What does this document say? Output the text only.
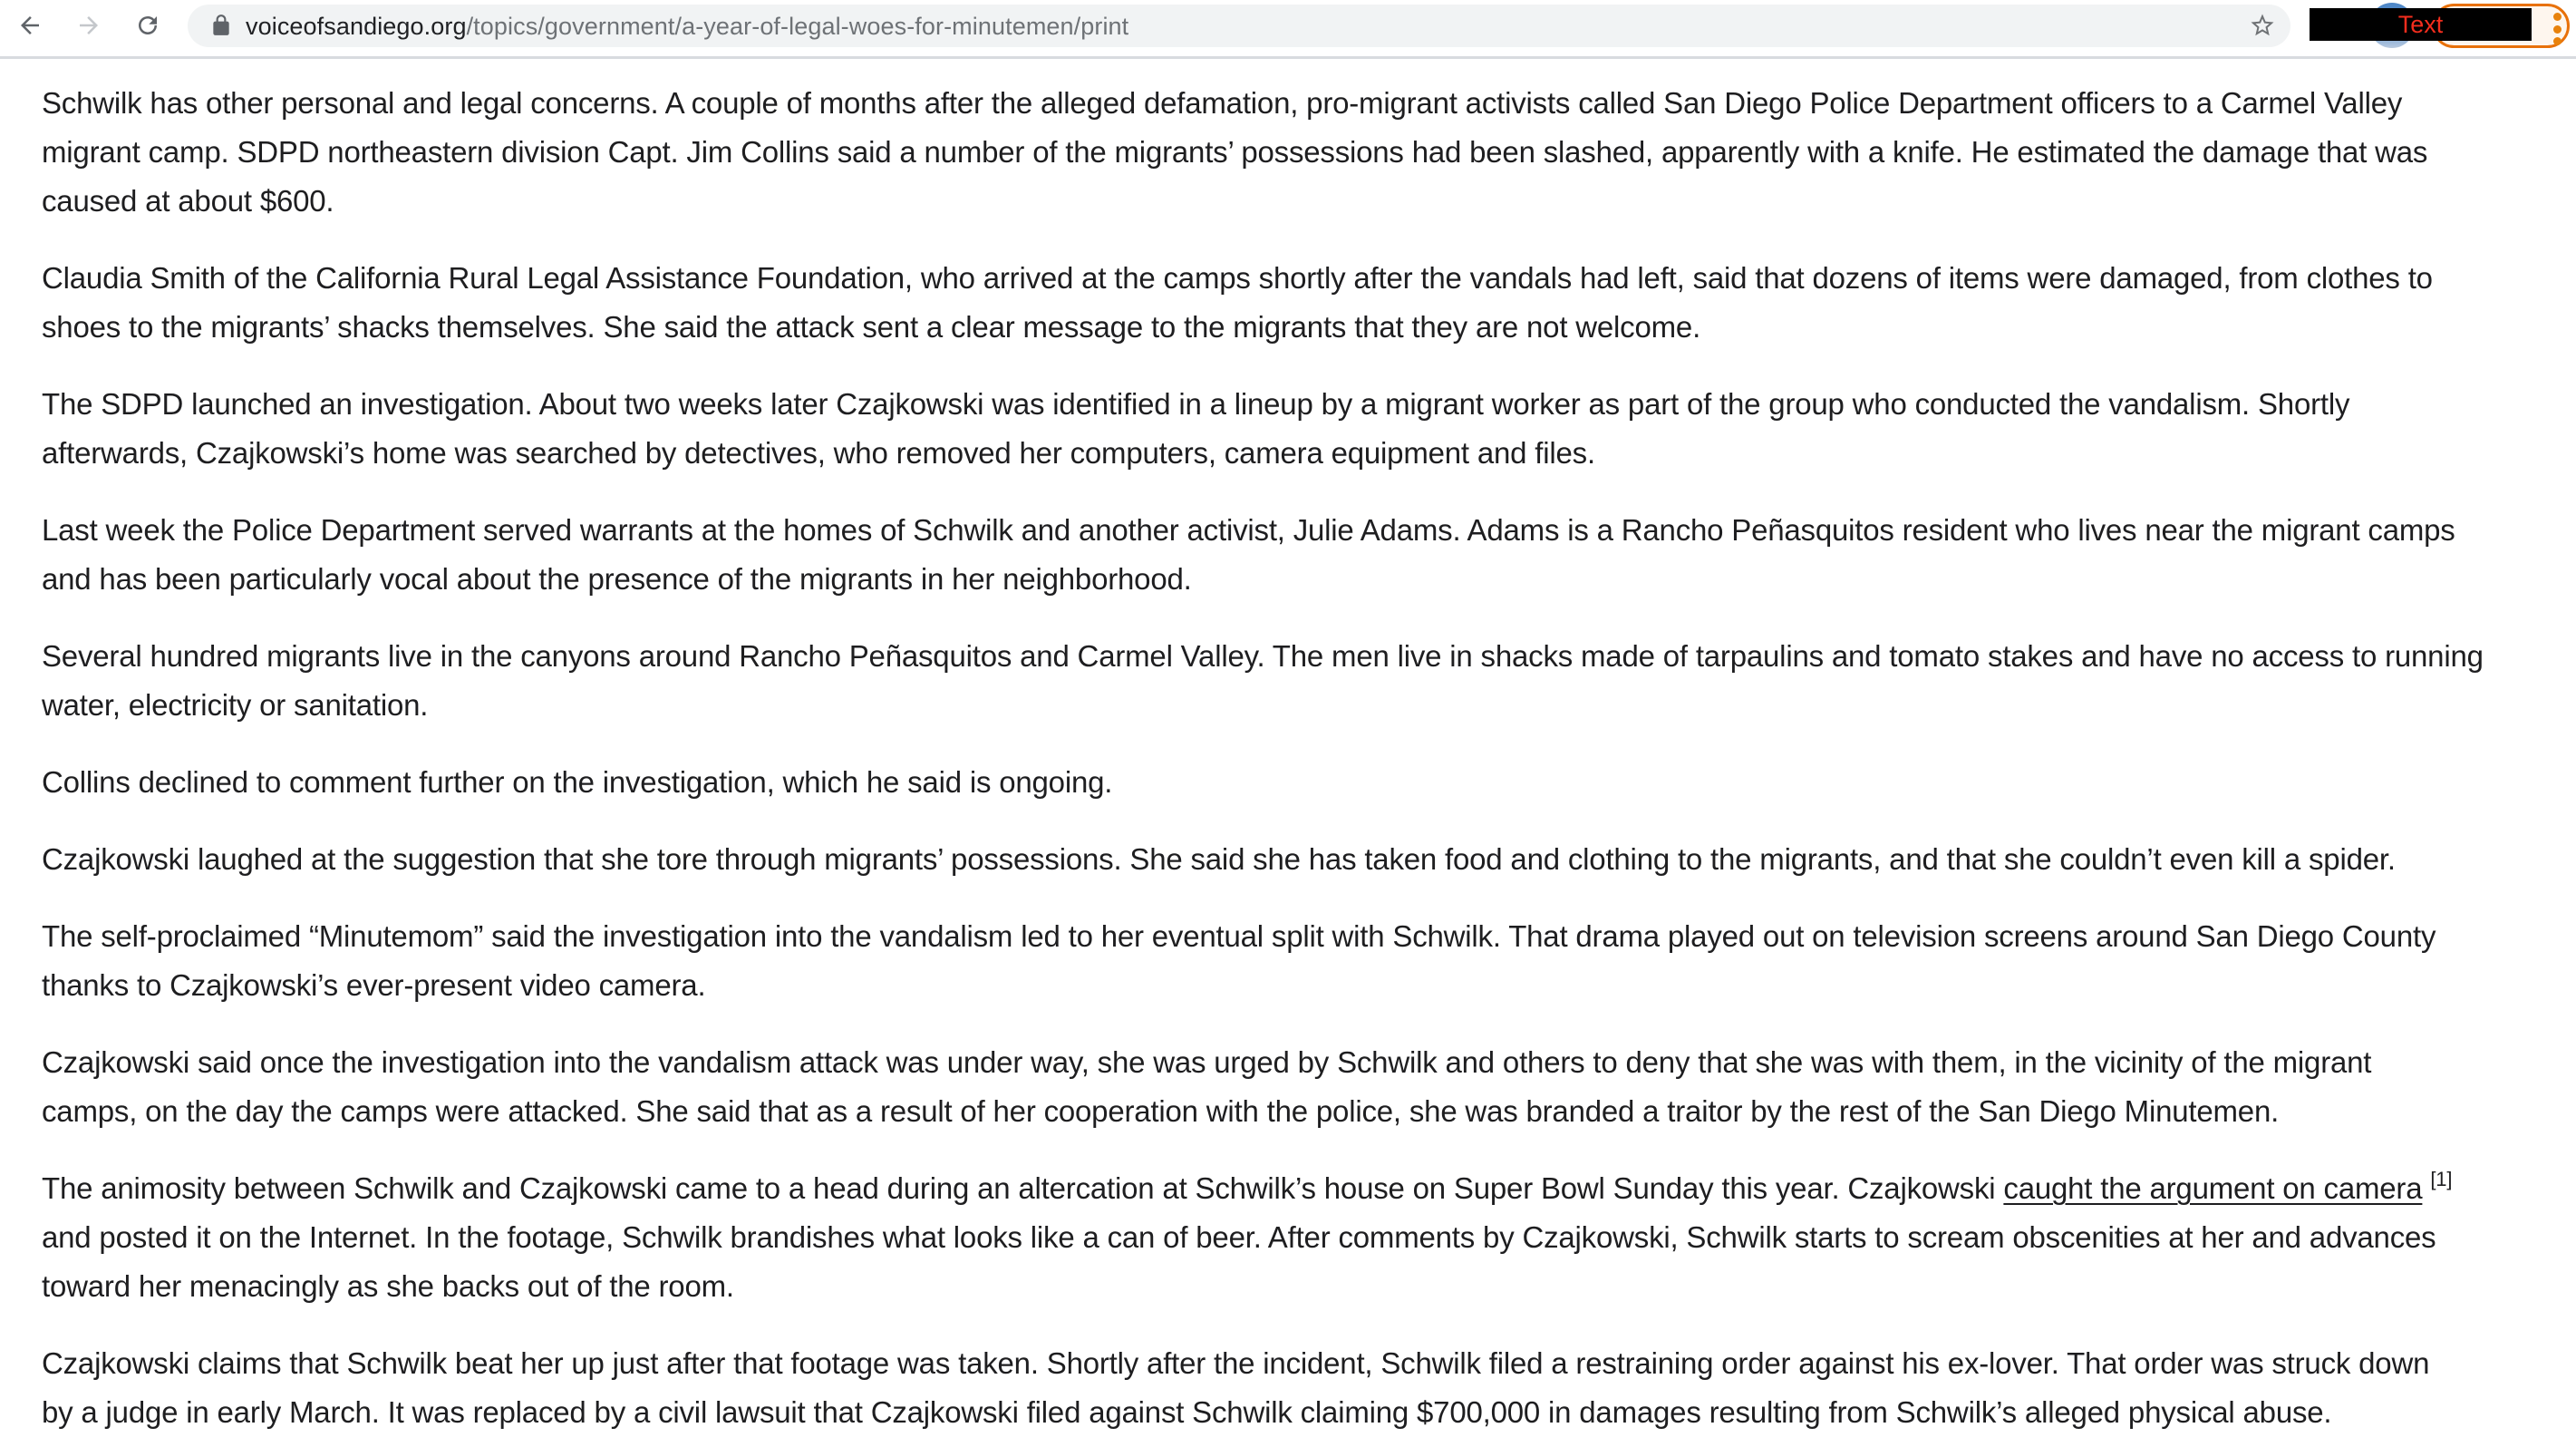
voiceofsandiego.org/topics/government/a-year-of-legal-woes-for-minutemen/print	Text

Schwilk has other personal and legal concerns. A couple of months after the alleged defamation, pro-migrant activists called San Diego Police Department officers to a Carmel Valley
migrant camp. SDPD northeastern division Capt. Jim Collins said a number of the migrants’ possessions had been slashed, apparently with a knife. He estimated the damage that was
caused at about $600.

Claudia Smith of the California Rural Legal Assistance Foundation, who arrived at the camps shortly after the vandals had left, said that dozens of items were damaged, from clothes to
shoes to the migrants’ shacks themselves. She said the attack sent a clear message to the migrants that they are not welcome.

The SDPD launched an investigation. About two weeks later Czajkowski was identified in a lineup by a migrant worker as part of the group who conducted the vandalism. Shortly
afterwards, Czajkowski’s home was searched by detectives, who removed her computers, camera equipment and files.

Last week the Police Department served warrants at the homes of Schwilk and another activist, Julie Adams. Adams is a Rancho Peñasquitos resident who lives near the migrant camps
and has been particularly vocal about the presence of the migrants in her neighborhood.

Several hundred migrants live in the canyons around Rancho Peñasquitos and Carmel Valley. The men live in shacks made of tarpaulins and tomato stakes and have no access to running
water, electricity or sanitation.

Collins declined to comment further on the investigation, which he said is ongoing.

Czajkowski laughed at the suggestion that she tore through migrants’ possessions. She said she has taken food and clothing to the migrants, and that she couldn’t even kill a spider.

The self-proclaimed “Minutemom” said the investigation into the vandalism led to her eventual split with Schwilk. That drama played out on television screens around San Diego County
thanks to Czajkowski’s ever-present video camera.

Czajkowski said once the investigation into the vandalism attack was under way, she was urged by Schwilk and others to deny that she was with them, in the vicinity of the migrant
camps, on the day the camps were attacked. She said that as a result of her cooperation with the police, she was branded a traitor by the rest of the San Diego Minutemen.

The animosity between Schwilk and Czajkowski came to a head during an altercation at Schwilk’s house on Super Bowl Sunday this year. Czajkowski caught the argument on camera [1]
and posted it on the Internet. In the footage, Schwilk brandishes what looks like a can of beer. After comments by Czajkowski, Schwilk starts to scream obscenities at her and advances
toward her menacingly as she backs out of the room.

Czajkowski claims that Schwilk beat her up just after that footage was taken. Shortly after the incident, Schwilk filed a restraining order against his ex-lover. That order was struck down
by a judge in early March. It was replaced by a civil lawsuit that Czajkowski filed against Schwilk claiming $700,000 in damages resulting from Schwilk’s alleged physical abuse.
